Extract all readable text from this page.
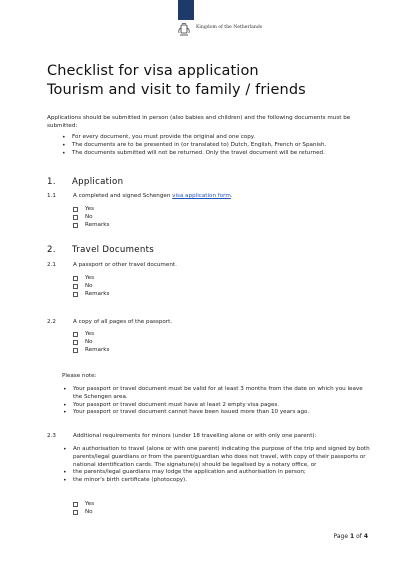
Kingdom of the Netherlands
Checklist for visa application
Tourism and visit to family / friends
Applications should be submitted in person (also babies and children) and the following documents must be submitted:
• For every document, you must provide the original and one copy.
• The documents are to be presented in (or translated to) Dutch, English, French or Spanish.
• The documents submitted will not be returned. Only the travel document will be returned.
1. Application
1.1	A completed and signed Schengen visa application form.
Yes
No
Remarks
2. Travel Documents
2.1	A passport or other travel document.
Yes
No
Remarks
2.2	A copy of all pages of the passport.
Yes
No
Remarks
Please note:
• Your passport or travel document must be valid for at least 3 months from the date on which you leave the Schengen area.
• Your passport or travel document must have at least 2 empty visa pages.
• Your passport or travel document cannot have been issued more than 10 years ago.
2.3	Additional requirements for minors (under 18 travelling alone or with only one parent):
• An authorisation to travel (alone or with one parent) indicating the purpose of the trip and signed by both parents/legal guardians or from the parent/guardian who does not travel, with copy of their passports or national identification cards. The signature(s) should be legalised by a notary office, or
• the parents/legal guardians may lodge the application and authorisation in person;
• the minor's birth certificate (photocopy).
Yes
No
Page 1 of 4
